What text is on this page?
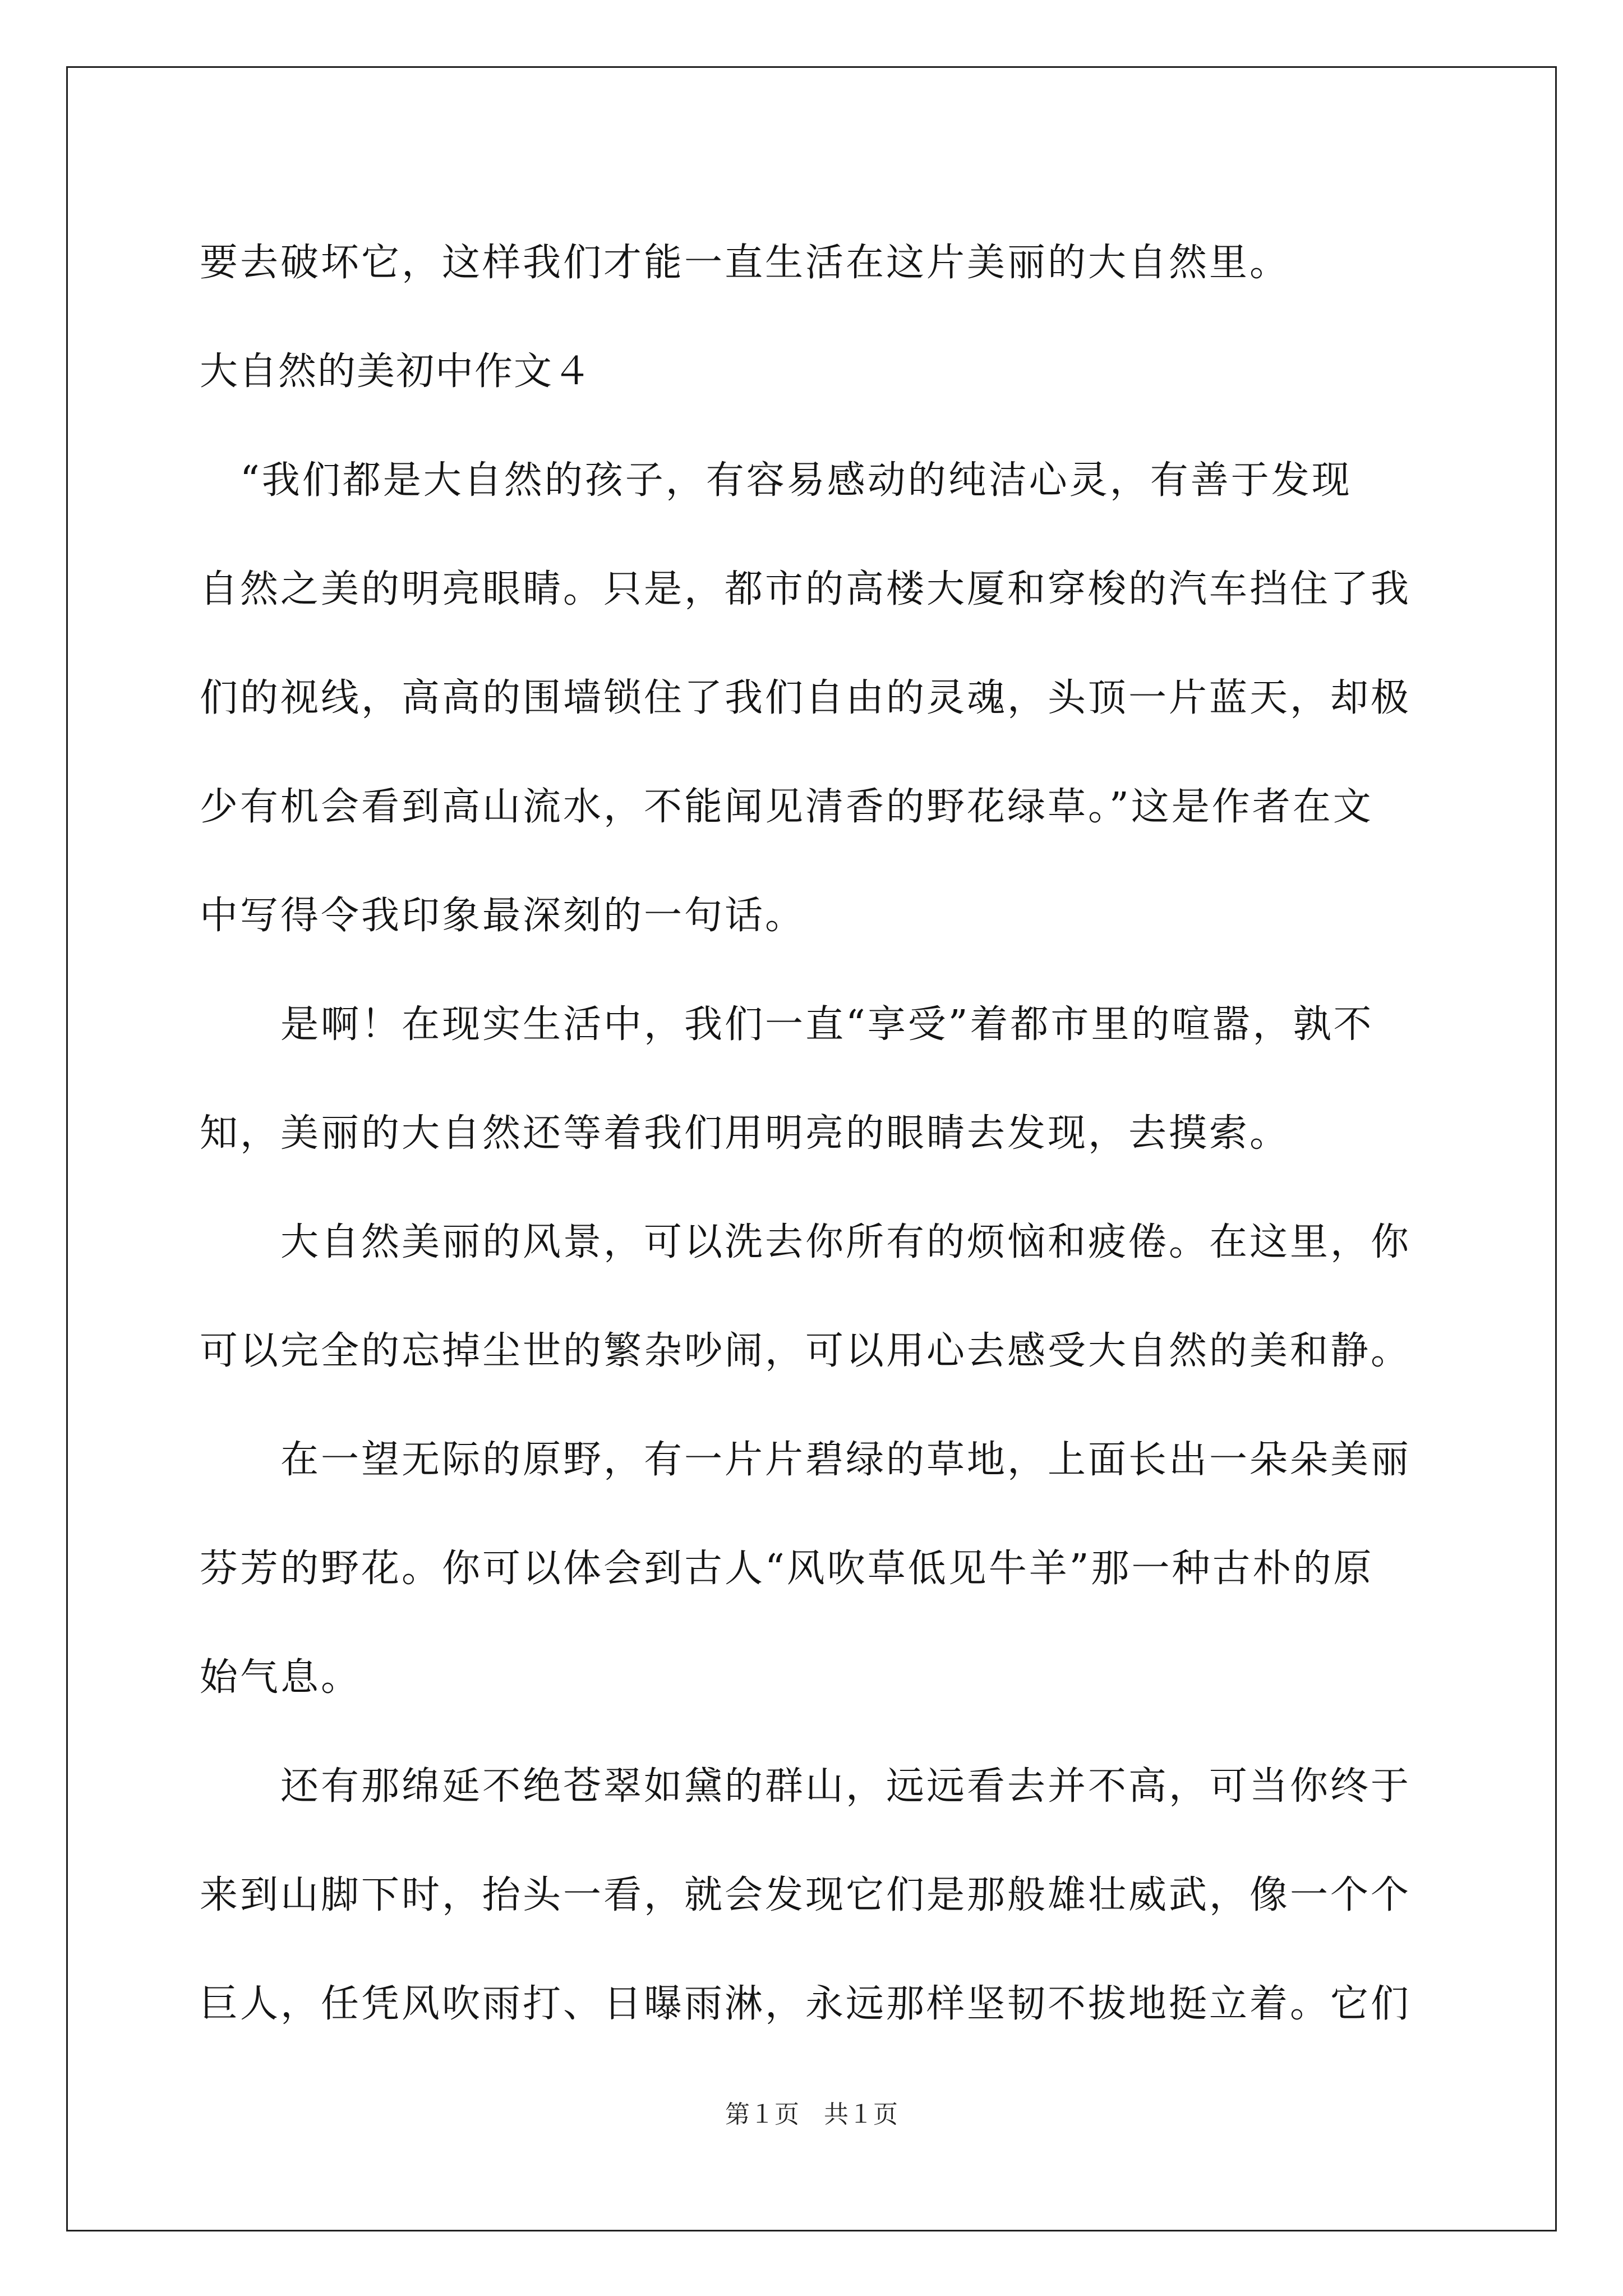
要去破坏它，这样我们才能一直生活在这片美丽的大自然里。
大自然的美初中作文４
　“我们都是大自然的孩子，有容易感动的纯洁心灵，有善于发现
自然之美的明亮眼睛。只是，都市的高楼大厦和穿梭的汽车挡住了我
们的视线，高高的围墙锁住了我们自由的灵魂，头顶一片蓝天，却极
少有机会看到高山流水，不能闻见清香的野花绿草。”这是作者在文
中写得令我印象最深刻的一句话。
　　是啊！在现实生活中，我们一直“享受”着都市里的喧嚣，孰不
知，美丽的大自然还等着我们用明亮的眼睛去发现，去摸索。
　　大自然美丽的风景，可以洗去你所有的烦恼和疲倦。在这里，你
可以完全的忘掉尘世的繁杂吵闹，可以用心去感受大自然的美和静。
　　在一望无际的原野，有一片片碧绿的草地，上面长出一朵朵美丽
芬芳的野花。你可以体会到古人“风吹草低见牛羊”那一种古朴的原
始气息。
　　还有那绵延不绝苍翠如黛的群山，远远看去并不高，可当你终于
来到山脚下时，抬头一看，就会发现它们是那般雄壮威武，像一个个
巨人，任凭风吹雨打、日曝雨淋，永远那样坚韧不拔地挺立着。它们
第１页　共１页
